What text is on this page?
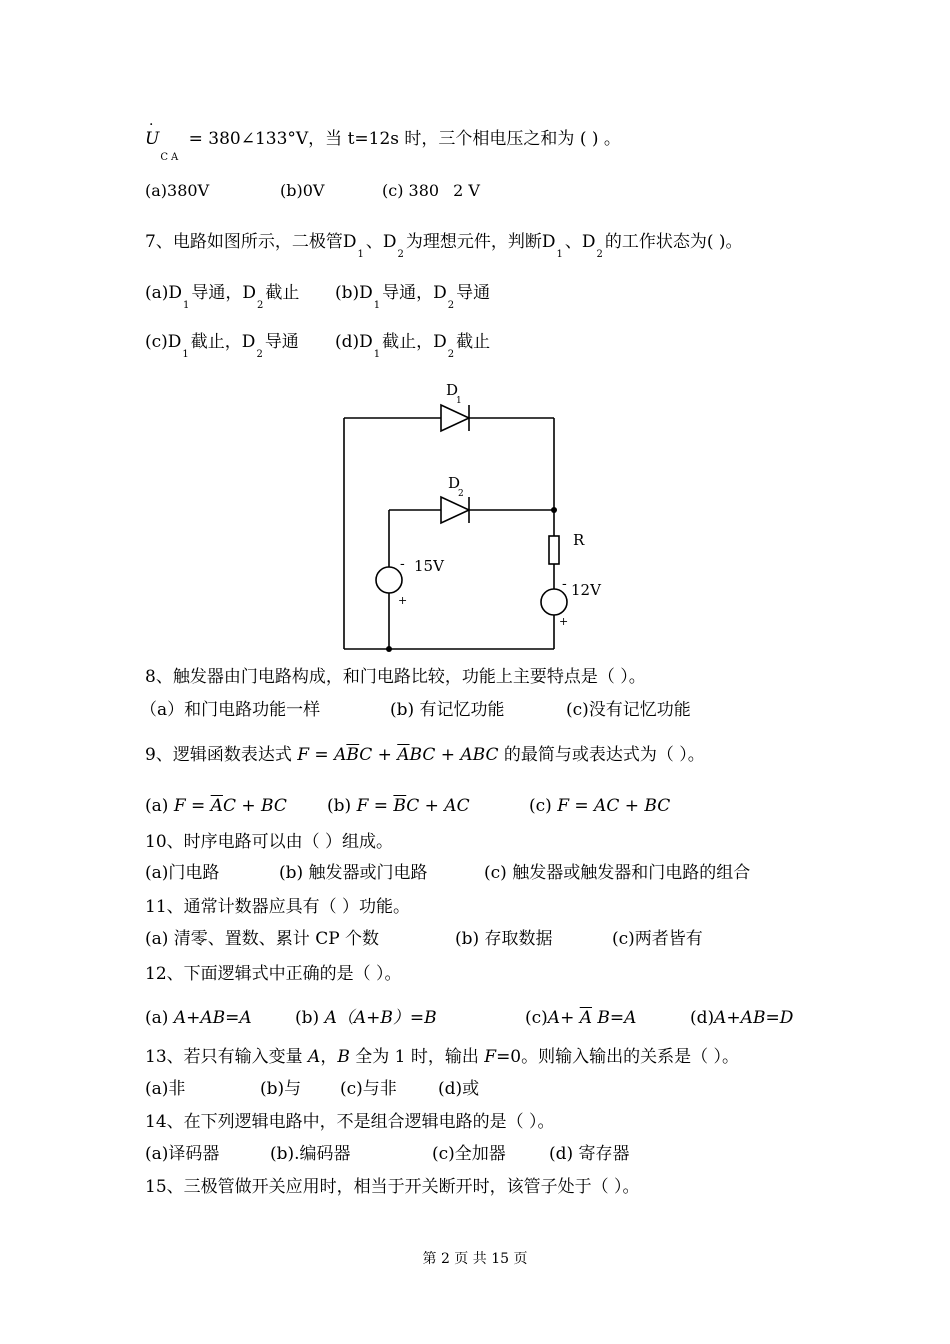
U
·
$_{CA}$ = 380∠133°V，当 t=12s 时，三个相电压之和为 ( ) 。
(a)380V	(b)0V	(c) 380 2 V
7、电路如图所示，二极管$D_1$、$D_2$为理想元件，判断$D_1$、$D_2$的工作状态为( )。
$(a)D_1$导通，$D_2$截止 $(b)D_1$导通，$D_2$导通
$(c)D_1$截止，$D_2$导通 $(d)D_1$截止，$D_2$截止
D
1
D
2
R
- 15V
+
- 12V
+
8、触发器由门电路构成，和门电路比较，功能上主要特点是（ ）。
（a）和门电路功能一样	(b) 有记忆功能	(c)没有记忆功能
9、逻辑函数表达式 $F = A\overline{B}C + \overline{A}BC$ + ABC 的最简与或表达式为（ ）。
(a) $F = \overline{A}C$ + BC (b) $F = \overline{B}C$ + AC	(c) F = AC + BC
10、时序电路可以由（ ）组成。
(a)门电路	(b) 触发器或门电路	(c) 触发器或触发器和门电路的组合
11、通常计数器应具有（ ）功能。
(a) 清零、置数、累计 CP 个数	(b) 存取数据	(c)两者皆有
12、下面逻辑式中正确的是（ ）。
(a) A+AB=A	(b) A（A+B）=B	$(c)A+ \overline{A}$ B=A	(d)A+AB=D
13、若只有输入变量 A，B 全为 1 时，输出 F=0。则输入输出的关系是（ ）。
(a)非	(b)与 (c)与非 (d)或
14、在下列逻辑电路中，不是组合逻辑电路的是（ ）。
(a)译码器	(b).编码器	(c)全加器	(d) 寄存器
15、三极管做开关应用时，相当于开关断开时，该管子处于（ ）。
第 2 页 共 15 页
